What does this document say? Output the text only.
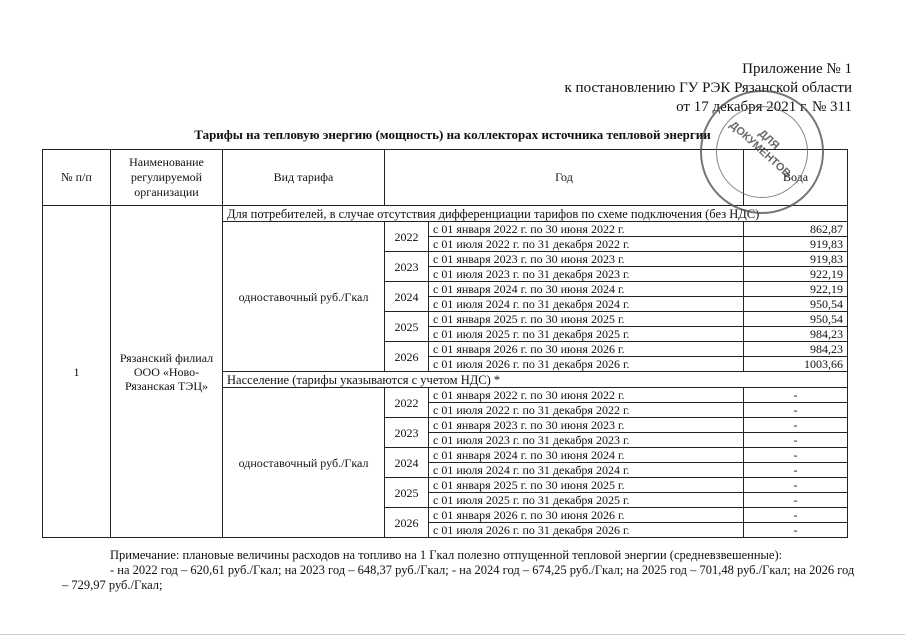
Приложение № 1
к постановлению ГУ РЭК Рязанской области
от 17 декабря 2021 г. № 311
Тарифы на тепловую энергию (мощность) на коллекторах источника тепловой энергии
№ п/п	Наименование регулируемой организации	Вид тарифа	Год		Вода
1	Рязанский филиал ООО «Ново-Рязанская ТЭЦ»	Для потребителей, в случае отсутствия дифференциации тарифов по схеме подключения (без НДС)			
		одноставочный руб./Гкал	2022	с 01 января 2022 г. по 30 июня 2022 г.	862,87
				с 01 июля 2022 г. по 31 декабря 2022 г.	919,83
			2023	с 01 января 2023 г. по 30 июня 2023 г.	919,83
				с 01 июля 2023 г. по 31 декабря 2023 г.	922,19
			2024	с 01 января 2024 г. по 30 июня 2024 г.	922,19
				с 01 июля 2024 г. по 31 декабря 2024 г.	950,54
			2025	с 01 января 2025 г. по 30 июня 2025 г.	950,54
				с 01 июля 2025 г. по 31 декабря 2025 г.	984,23
			2026	с 01 января 2026 г. по 30 июня 2026 г.	984,23
				с 01 июля 2026 г. по 31 декабря 2026 г.	1003,66
		Насселение (тарифы указываются с учетом НДС) *			
		одноставочный руб./Гкал	2022	с 01 января 2022 г. по 30 июня 2022 г.	-
				с 01 июля 2022 г. по 31 декабря 2022 г.	-
			2023	с 01 января 2023 г. по 30 июня 2023 г.	-
				с 01 июля 2023 г. по 31 декабря 2023 г.	-
			2024	с 01 января 2024 г. по 30 июня 2024 г.	-
				с 01 июля 2024 г. по 31 декабря 2024 г.	-
			2025	с 01 января 2025 г. по 30 июня 2025 г.	-
				с 01 июля 2025 г. по 31 декабря 2025 г.	-
			2026	с 01 января 2026 г. по 30 июня 2026 г.	-
				с 01 июля 2026 г. по 31 декабря 2026 г.	-
ДЛЯ ДОКУМЕНТОВ

Примечание: плановые величины расходов на топливо на 1 Гкал полезно отпущенной тепловой энергии (средневзвешенные):

- на 2022 год – 620,61 руб./Гкал; на 2023 год – 648,37 руб./Гкал; - на 2024 год – 674,25 руб./Гкал; на 2025 год – 701,48 руб./Гкал; на 2026 год – 729,97 руб./Гкал;
